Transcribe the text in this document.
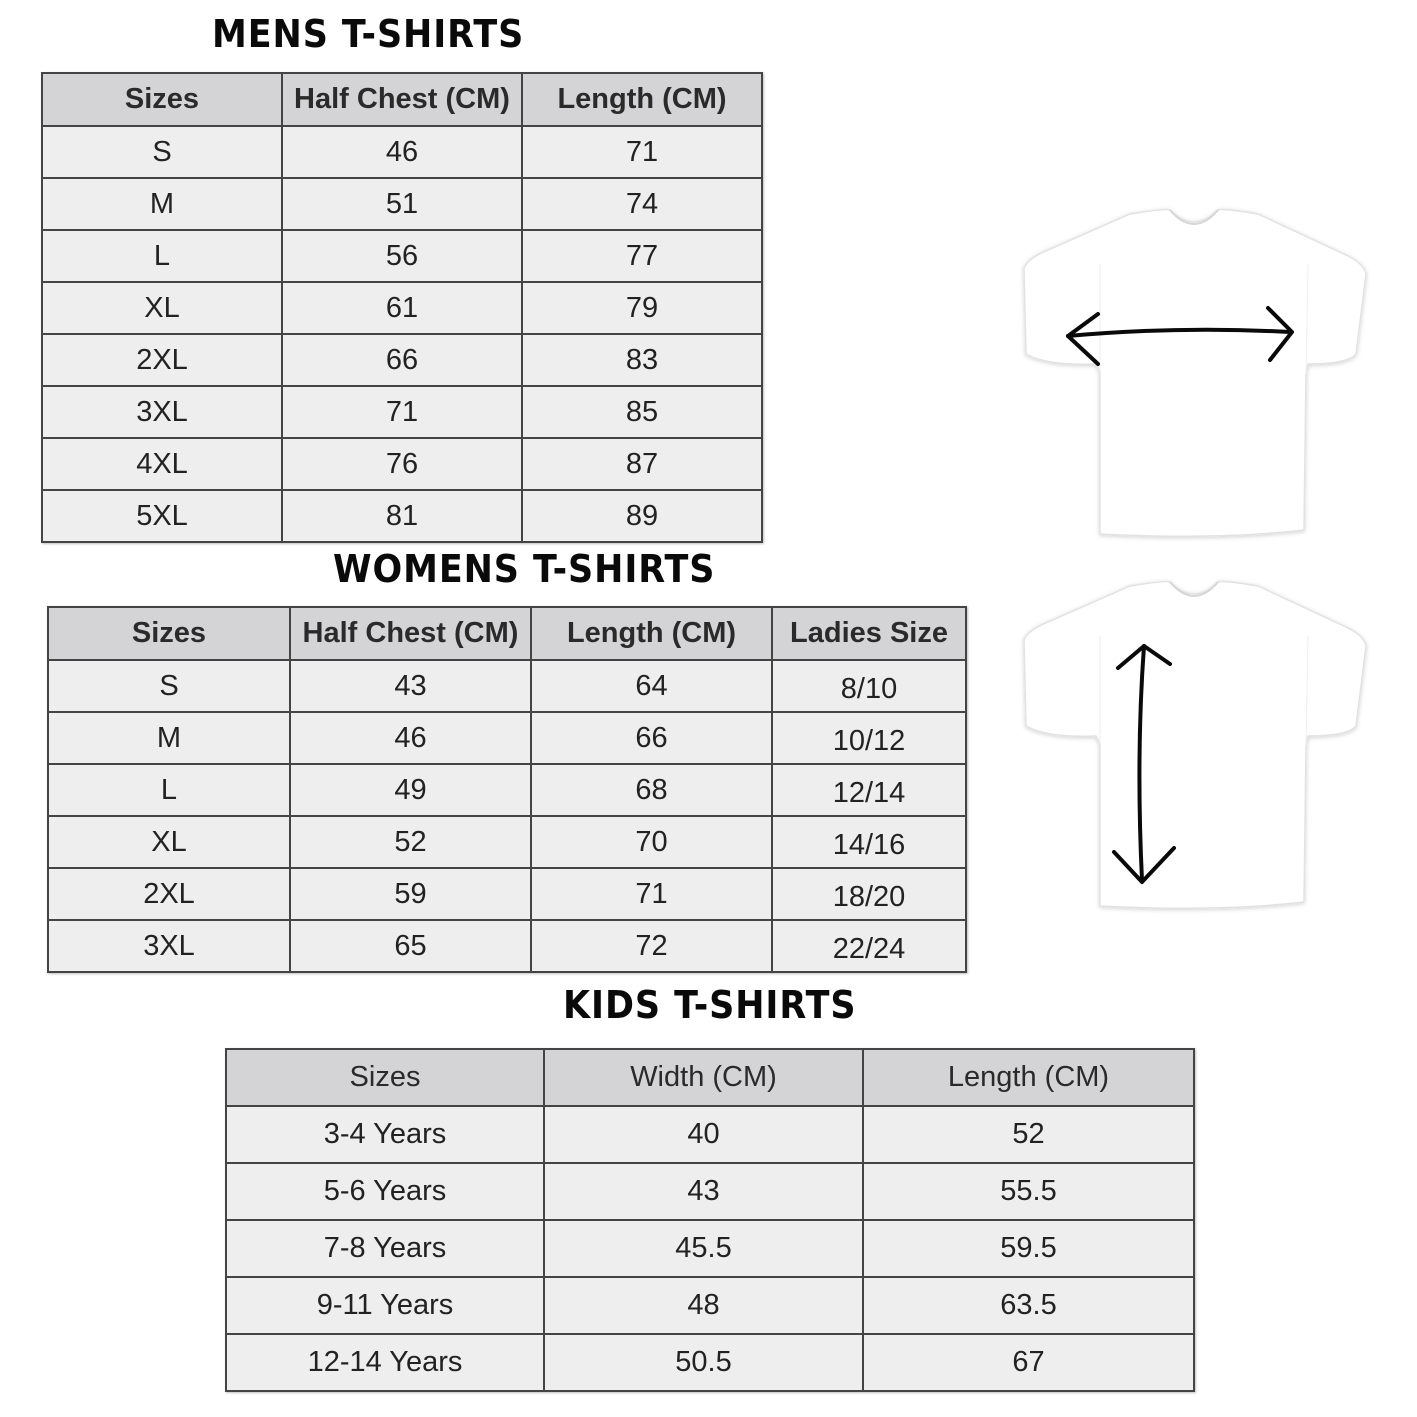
MENS T-SHIRTS
Sizes	Half Chest (CM)	Length (CM)
S	46	71
M	51	74
L	56	77
XL	61	79
2XL	66	83
3XL	71	85
4XL	76	87
5XL	81	89
WOMENS T-SHIRTS
Sizes	Half Chest (CM)	Length (CM)	Ladies Size
S	43	64	8/10
M	46	66	10/12
L	49	68	12/14
XL	52	70	14/16
2XL	59	71	18/20
3XL	65	72	22/24
KIDS T-SHIRTS
Sizes	Width (CM)	Length (CM)
3-4 Years	40	52
5-6 Years	43	55.5
7-8 Years	45.5	59.5
9-11 Years	48	63.5
12-14 Years	50.5	67
